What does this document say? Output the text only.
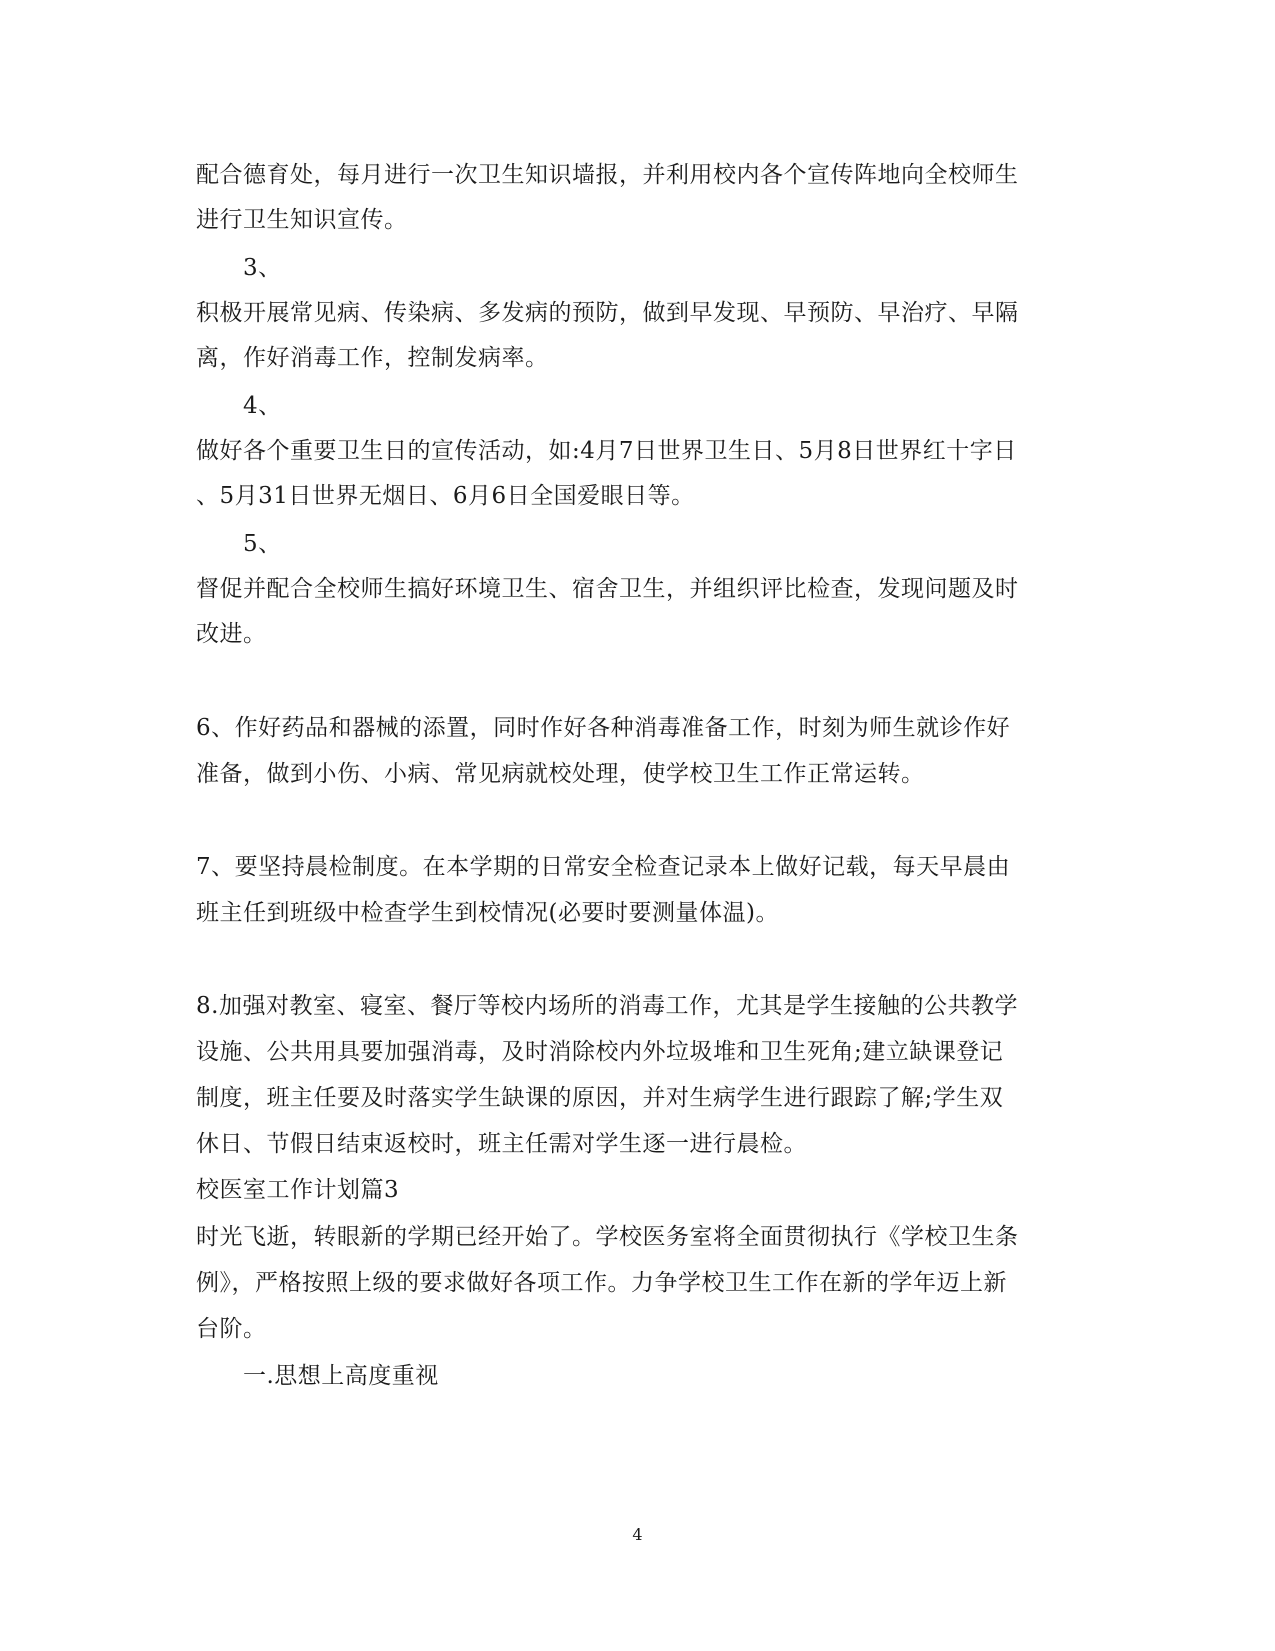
配合德育处，每月进行一次卫生知识墙报，并利用校内各个宣传阵地向全校师生
进行卫生知识宣传。
3、
积极开展常见病、传染病、多发病的预防，做到早发现、早预防、早治疗、早隔
离，作好消毒工作，控制发病率。
4、
做好各个重要卫生日的宣传活动，如:4月7日世界卫生日、5月8日世界红十字日
、5月31日世界无烟日、6月6日全国爱眼日等。
5、
督促并配合全校师生搞好环境卫生、宿舍卫生，并组织评比检查，发现问题及时
改进。
6、作好药品和器械的添置，同时作好各种消毒准备工作，时刻为师生就诊作好
准备，做到小伤、小病、常见病就校处理，使学校卫生工作正常运转。
7、要坚持晨检制度。在本学期的日常安全检查记录本上做好记载，每天早晨由
班主任到班级中检查学生到校情况(必要时要测量体温)。
8.加强对教室、寝室、餐厅等校内场所的消毒工作，尤其是学生接触的公共教学
设施、公共用具要加强消毒，及时消除校内外垃圾堆和卫生死角;建立缺课登记
制度，班主任要及时落实学生缺课的原因，并对生病学生进行跟踪了解;学生双
休日、节假日结束返校时，班主任需对学生逐一进行晨检。
校医室工作计划篇3
时光飞逝，转眼新的学期已经开始了。学校医务室将全面贯彻执行《学校卫生条
例》，严格按照上级的要求做好各项工作。力争学校卫生工作在新的学年迈上新
台阶。
一.思想上高度重视
4
